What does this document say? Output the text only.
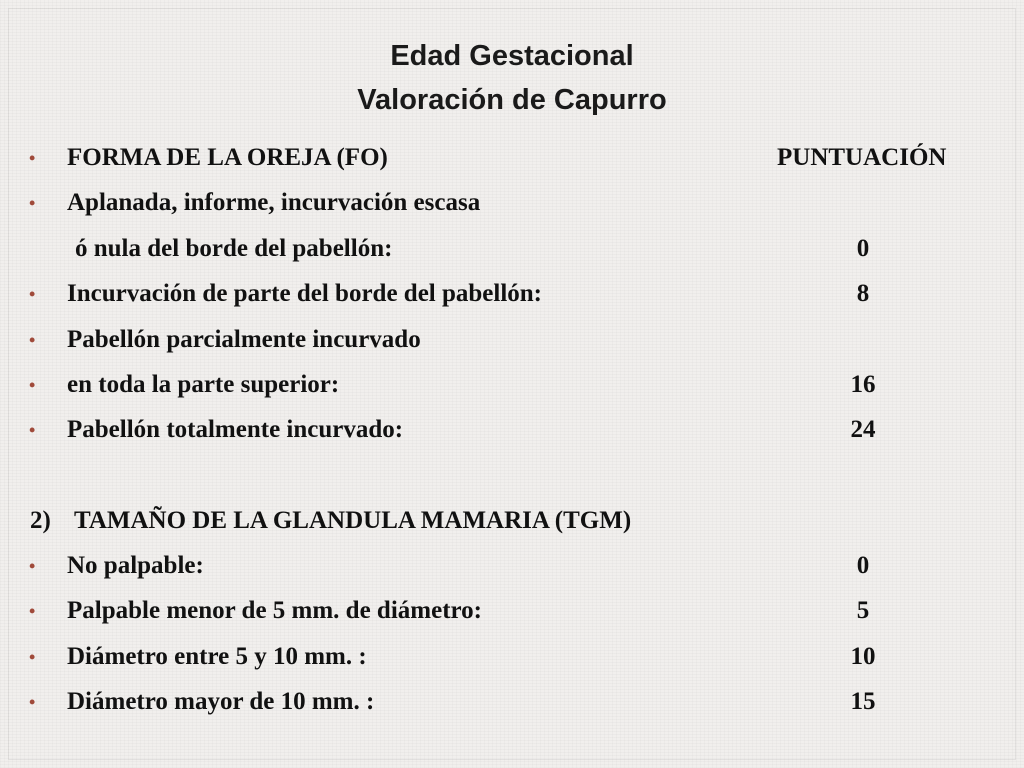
Edad Gestacional
Valoración de Capurro
• FORMA DE LA OREJA (FO)	PUNTUACIÓN
• Aplanada, informe, incurvación escasa
ó nula del borde del pabellón:	0
• Incurvación de parte del borde del pabellón:	8
• Pabellón parcialmente incurvado
• en toda la parte superior:	16
• Pabellón totalmente incurvado:	24
2) TAMAÑO DE LA GLANDULA MAMARIA (TGM)
• No palpable:	0
• Palpable menor de 5 mm. de diámetro:	5
• Diámetro entre 5 y 10 mm. :	10
• Diámetro mayor de 10 mm. :	15
